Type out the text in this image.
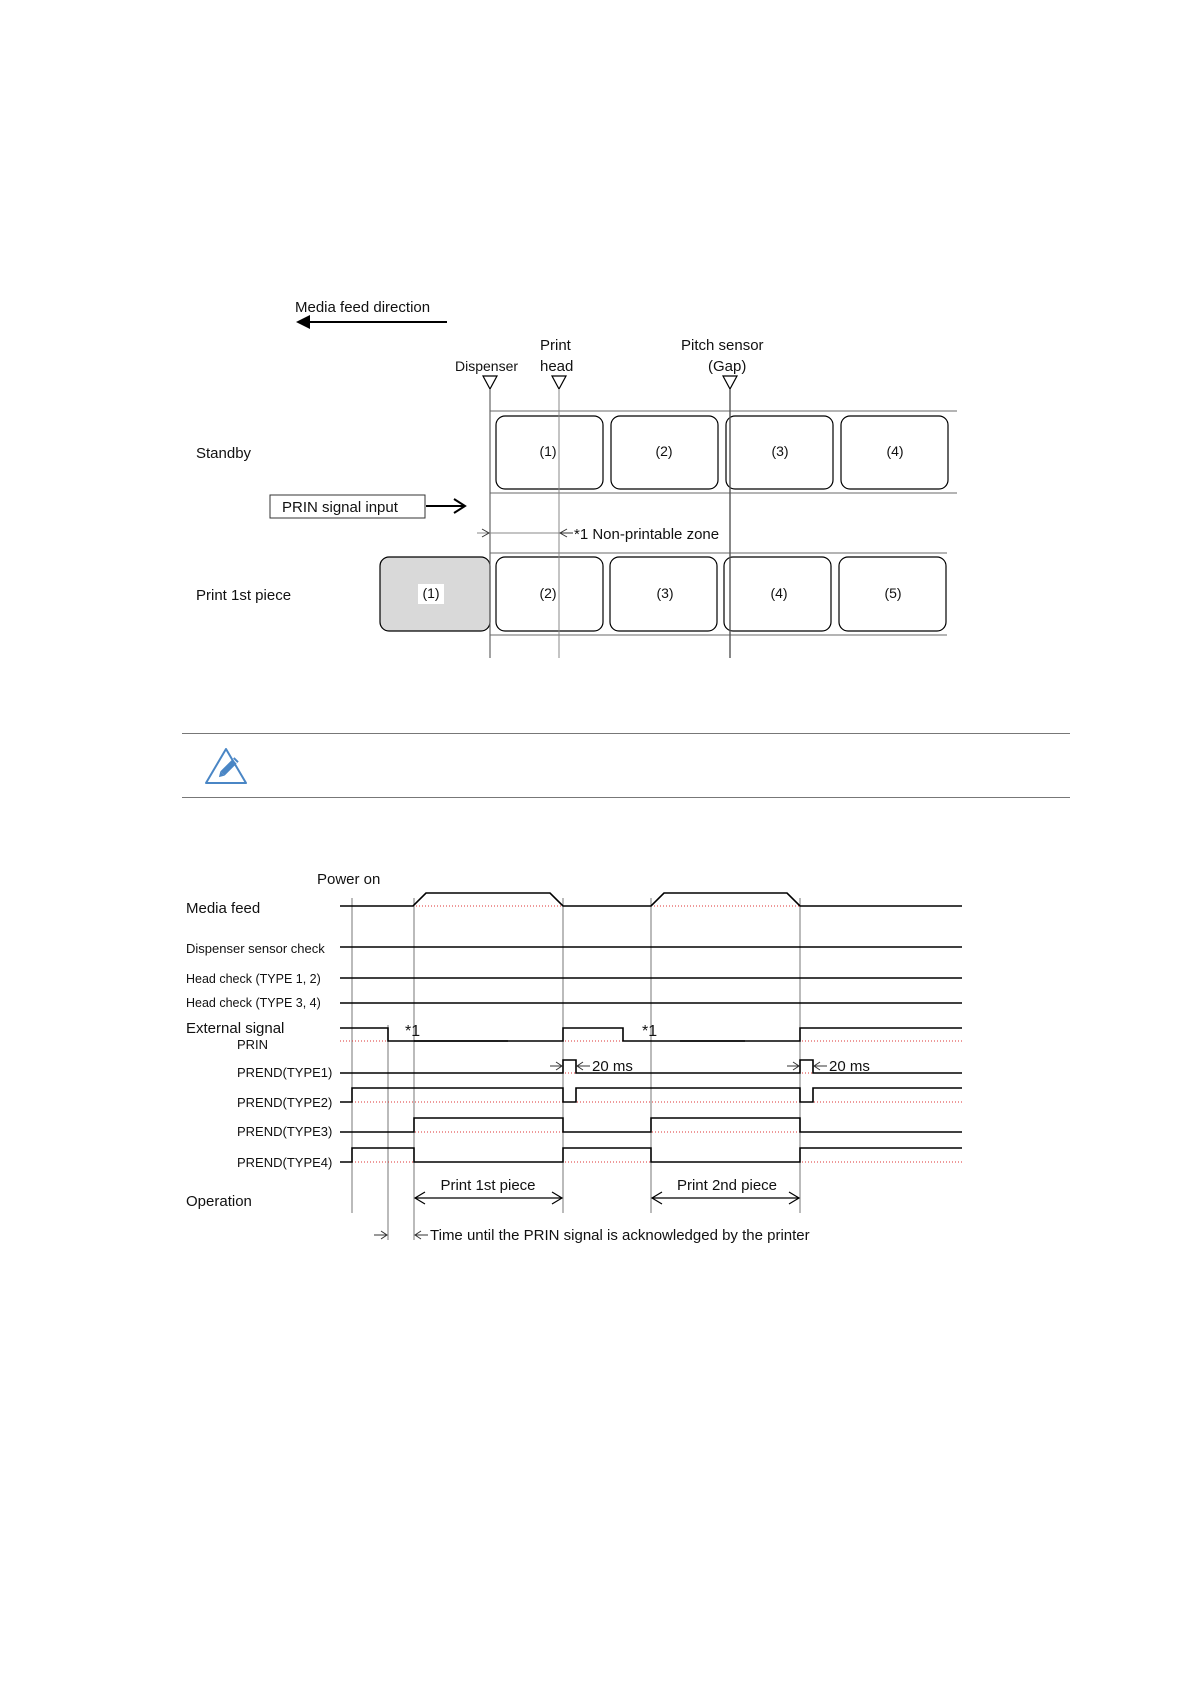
Media feed direction
Dispenser
Print
head
Pitch sensor
(Gap)
(1)	(2)	(3)	(4)
(1)	(2)	(3)	(4)	(5)
Standby
Print 1st piece
PRIN signal input
*1 Non-printable zone
Power on
Media feed
Dispenser sensor check
Head check (TYPE 1, 2)
Head check (TYPE 3, 4)
External signal
PRIN
PREND(TYPE1)
PREND(TYPE2)
PREND(TYPE3)
PREND(TYPE4)
Operation
*1	*1
20 ms	20 ms
Print 1st piece	Print 2nd piece
Time until the PRIN signal is acknowledged by the printer
